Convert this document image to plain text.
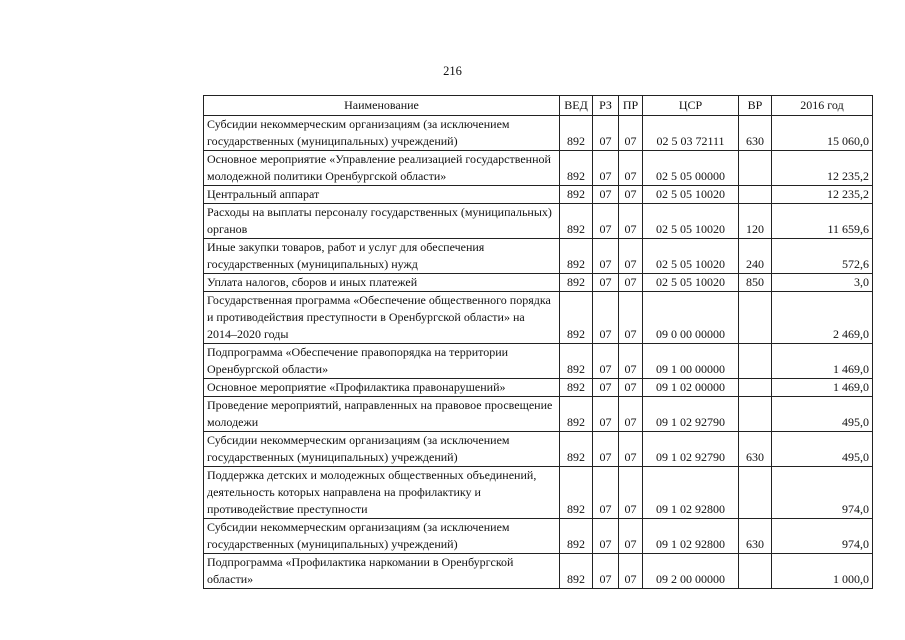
216
Наименование	ВЕД	РЗ	ПР	ЦСР	ВР	2016 год
Субсидии некоммерческим организациям (за исключением государственных (муниципальных) учреждений)	892	07	07	02 5 03 72111	630	15 060,0
Основное мероприятие «Управление реализацией государственной молодежной политики Оренбургской области»	892	07	07	02 5 05 00000		12 235,2
Центральный аппарат	892	07	07	02 5 05 10020		12 235,2
Расходы на выплаты персоналу государственных (муниципальных) органов	892	07	07	02 5 05 10020	120	11 659,6
Иные закупки товаров, работ и услуг для обеспечения государственных (муниципальных) нужд	892	07	07	02 5 05 10020	240	572,6
Уплата налогов, сборов и иных платежей	892	07	07	02 5 05 10020	850	3,0
Государственная программа «Обеспечение общественного порядка и противодействия преступности в Оренбургской области» на 2014–2020 годы	892	07	07	09 0 00 00000		2 469,0
Подпрограмма «Обеспечение правопорядка на территории Оренбургской области»	892	07	07	09 1 00 00000		1 469,0
Основное мероприятие «Профилактика правонарушений»	892	07	07	09 1 02 00000		1 469,0
Проведение мероприятий, направленных на правовое просвещение молодежи	892	07	07	09 1 02 92790		495,0
Субсидии некоммерческим организациям (за исключением государственных (муниципальных) учреждений)	892	07	07	09 1 02 92790	630	495,0
Поддержка детских и молодежных общественных объединений, деятельность которых направлена на профилактику и противодействие преступности	892	07	07	09 1 02 92800		974,0
Субсидии некоммерческим организациям (за исключением государственных (муниципальных) учреждений)	892	07	07	09 1 02 92800	630	974,0
Подпрограмма «Профилактика наркомании в Оренбургской области»	892	07	07	09 2 00 00000		1 000,0
